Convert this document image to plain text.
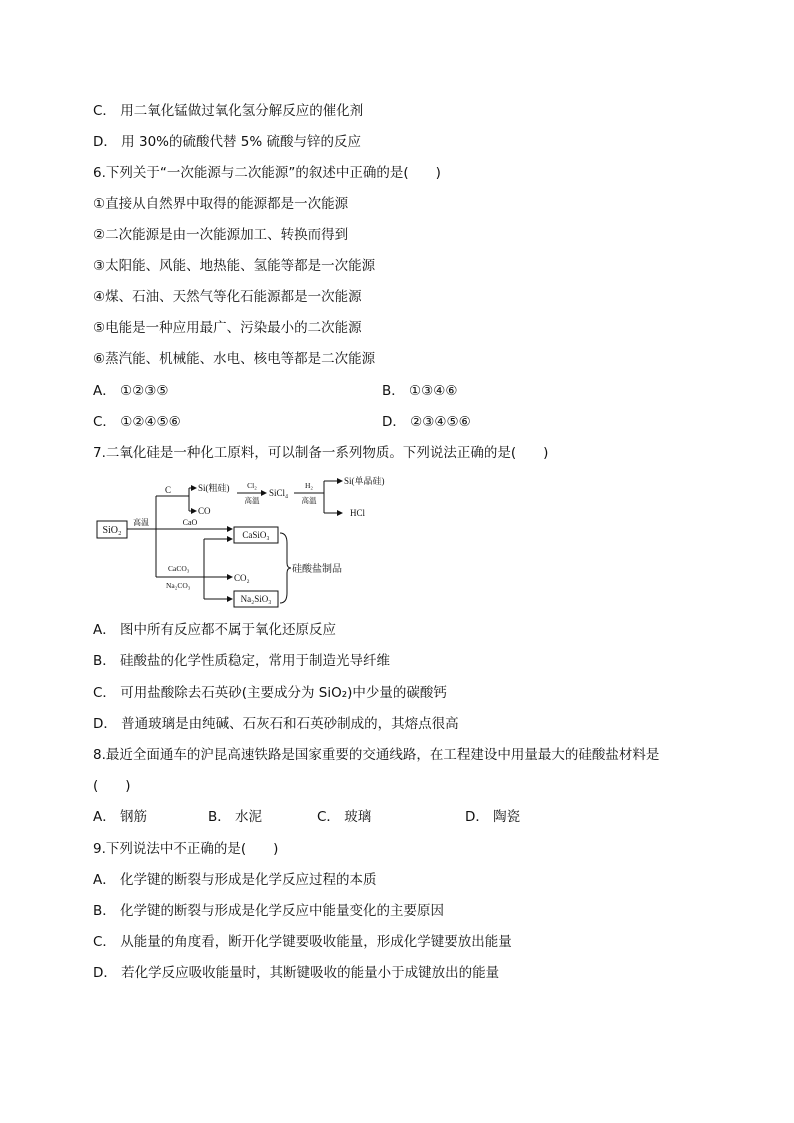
C． 用二氧化锰做过氧化氢分解反应的催化剂
D． 用 30%的硫酸代替 5% 硫酸与锌的反应
6.下列关于“一次能源与二次能源”的叙述中正确的是(　　)
①直接从自然界中取得的能源都是一次能源
②二次能源是由一次能源加工、转换而得到
③太阳能、风能、地热能、氢能等都是一次能源
④煤、石油、天然气等化石能源都是一次能源
⑤电能是一种应用最广、污染最小的二次能源
⑥蒸汽能、机械能、水电、核电等都是二次能源
A． ①②③⑤	B． ①③④⑥
C． ①②④⑤⑥	D． ②③④⑤⑥
7.二氧化硅是一种化工原料，可以制备一系列物质。下列说法正确的是(　　)
SiO₂
高温
C	Si(粗硅)
CO
Cl₂
高温
SiCl₄
H₂
高温
Si(单晶硅)
HCl
CaO
CaSiO₃
CaCO₃
Na₂CO₃
CO₂
Na₂SiO₃
硅酸盐制品
A． 图中所有反应都不属于氧化还原反应
B． 硅酸盐的化学性质稳定，常用于制造光导纤维
C． 可用盐酸除去石英砂(主要成分为 SiO₂)中少量的碳酸钙
D． 普通玻璃是由纯碱、石灰石和石英砂制成的，其熔点很高
8.最近全面通车的沪昆高速铁路是国家重要的交通线路，在工程建设中用量最大的硅酸盐材料是
(　　)
A． 钢筋	B． 水泥	C． 玻璃	D． 陶瓷
9.下列说法中不正确的是(　　)
A． 化学键的断裂与形成是化学反应过程的本质
B． 化学键的断裂与形成是化学反应中能量变化的主要原因
C． 从能量的角度看，断开化学键要吸收能量，形成化学键要放出能量
D． 若化学反应吸收能量时，其断键吸收的能量小于成键放出的能量
